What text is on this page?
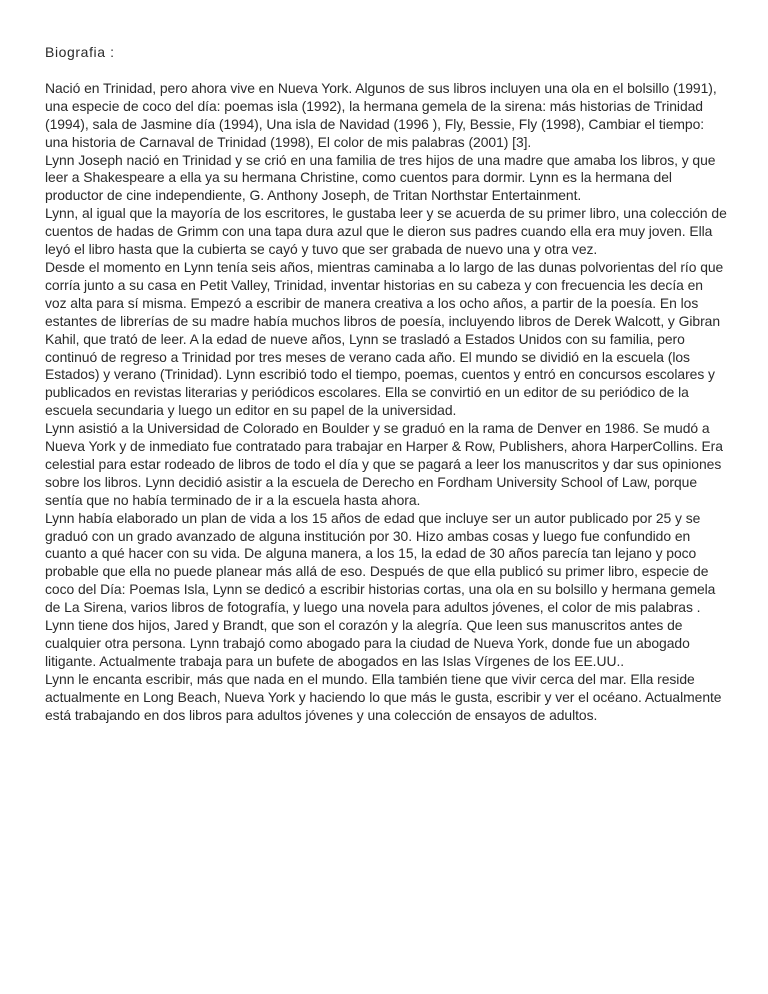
Biografia :

Nació en Trinidad, pero ahora vive en Nueva York. Algunos de sus libros incluyen una ola en el bolsillo (1991), una especie de coco del día: poemas isla (1992), la hermana gemela de la sirena: más historias de Trinidad (1994), sala de Jasmine día (1994), Una isla de Navidad (1996 ), Fly, Bessie, Fly (1998), Cambiar el tiempo: una historia de Carnaval de Trinidad (1998), El color de mis palabras (2001) [3].

Lynn Joseph nació en Trinidad y se crió en una familia de tres hijos de una madre que amaba los libros, y que leer a Shakespeare a ella ya su hermana Christine, como cuentos para dormir. Lynn es la hermana del productor de cine independiente, G. Anthony Joseph, de Tritan Northstar Entertainment.

Lynn, al igual que la mayoría de los escritores, le gustaba leer y se acuerda de su primer libro, una colección de cuentos de hadas de Grimm con una tapa dura azul que le dieron sus padres cuando ella era muy joven. Ella leyó el libro hasta que la cubierta se cayó y tuvo que ser grabada de nuevo una y otra vez.

Desde el momento en Lynn tenía seis años, mientras caminaba a lo largo de las dunas polvorientas del río que corría junto a su casa en Petit Valley, Trinidad, inventar historias en su cabeza y con frecuencia les decía en voz alta para sí misma. Empezó a escribir de manera creativa a los ocho años, a partir de la poesía. En los estantes de librerías de su madre había muchos libros de poesía, incluyendo libros de Derek Walcott, y Gibran Kahil, que trató de leer. A la edad de nueve años, Lynn se trasladó a Estados Unidos con su familia, pero continuó de regreso a Trinidad por tres meses de verano cada año. El mundo se dividió en la escuela (los Estados) y verano (Trinidad). Lynn escribió todo el tiempo, poemas, cuentos y entró en concursos escolares y publicados en revistas literarias y periódicos escolares. Ella se convirtió en un editor de su periódico de la escuela secundaria y luego un editor en su papel de la universidad.

Lynn asistió a la Universidad de Colorado en Boulder y se graduó en la rama de Denver en 1986. Se mudó a Nueva York y de inmediato fue contratado para trabajar en Harper & Row, Publishers, ahora HarperCollins. Era celestial para estar rodeado de libros de todo el día y que se pagará a leer los manuscritos y dar sus opiniones sobre los libros. Lynn decidió asistir a la escuela de Derecho en Fordham University School of Law, porque sentía que no había terminado de ir a la escuela hasta ahora.

Lynn había elaborado un plan de vida a los 15 años de edad que incluye ser un autor publicado por 25 y se graduó con un grado avanzado de alguna institución por 30. Hizo ambas cosas y luego fue confundido en cuanto a qué hacer con su vida. De alguna manera, a los 15, la edad de 30 años parecía tan lejano y poco probable que ella no puede planear más allá de eso. Después de que ella publicó su primer libro, especie de coco del Día: Poemas Isla, Lynn se dedicó a escribir historias cortas, una ola en su bolsillo y hermana gemela de La Sirena, varios libros de fotografía, y luego una novela para adultos jóvenes, el color de mis palabras .

Lynn tiene dos hijos, Jared y Brandt, que son el corazón y la alegría. Que leen sus manuscritos antes de cualquier otra persona. Lynn trabajó como abogado para la ciudad de Nueva York, donde fue un abogado litigante. Actualmente trabaja para un bufete de abogados en las Islas Vírgenes de los EE.UU..

Lynn le encanta escribir, más que nada en el mundo. Ella también tiene que vivir cerca del mar. Ella reside actualmente en Long Beach, Nueva York y haciendo lo que más le gusta, escribir y ver el océano. Actualmente está trabajando en dos libros para adultos jóvenes y una colección de ensayos de adultos.
